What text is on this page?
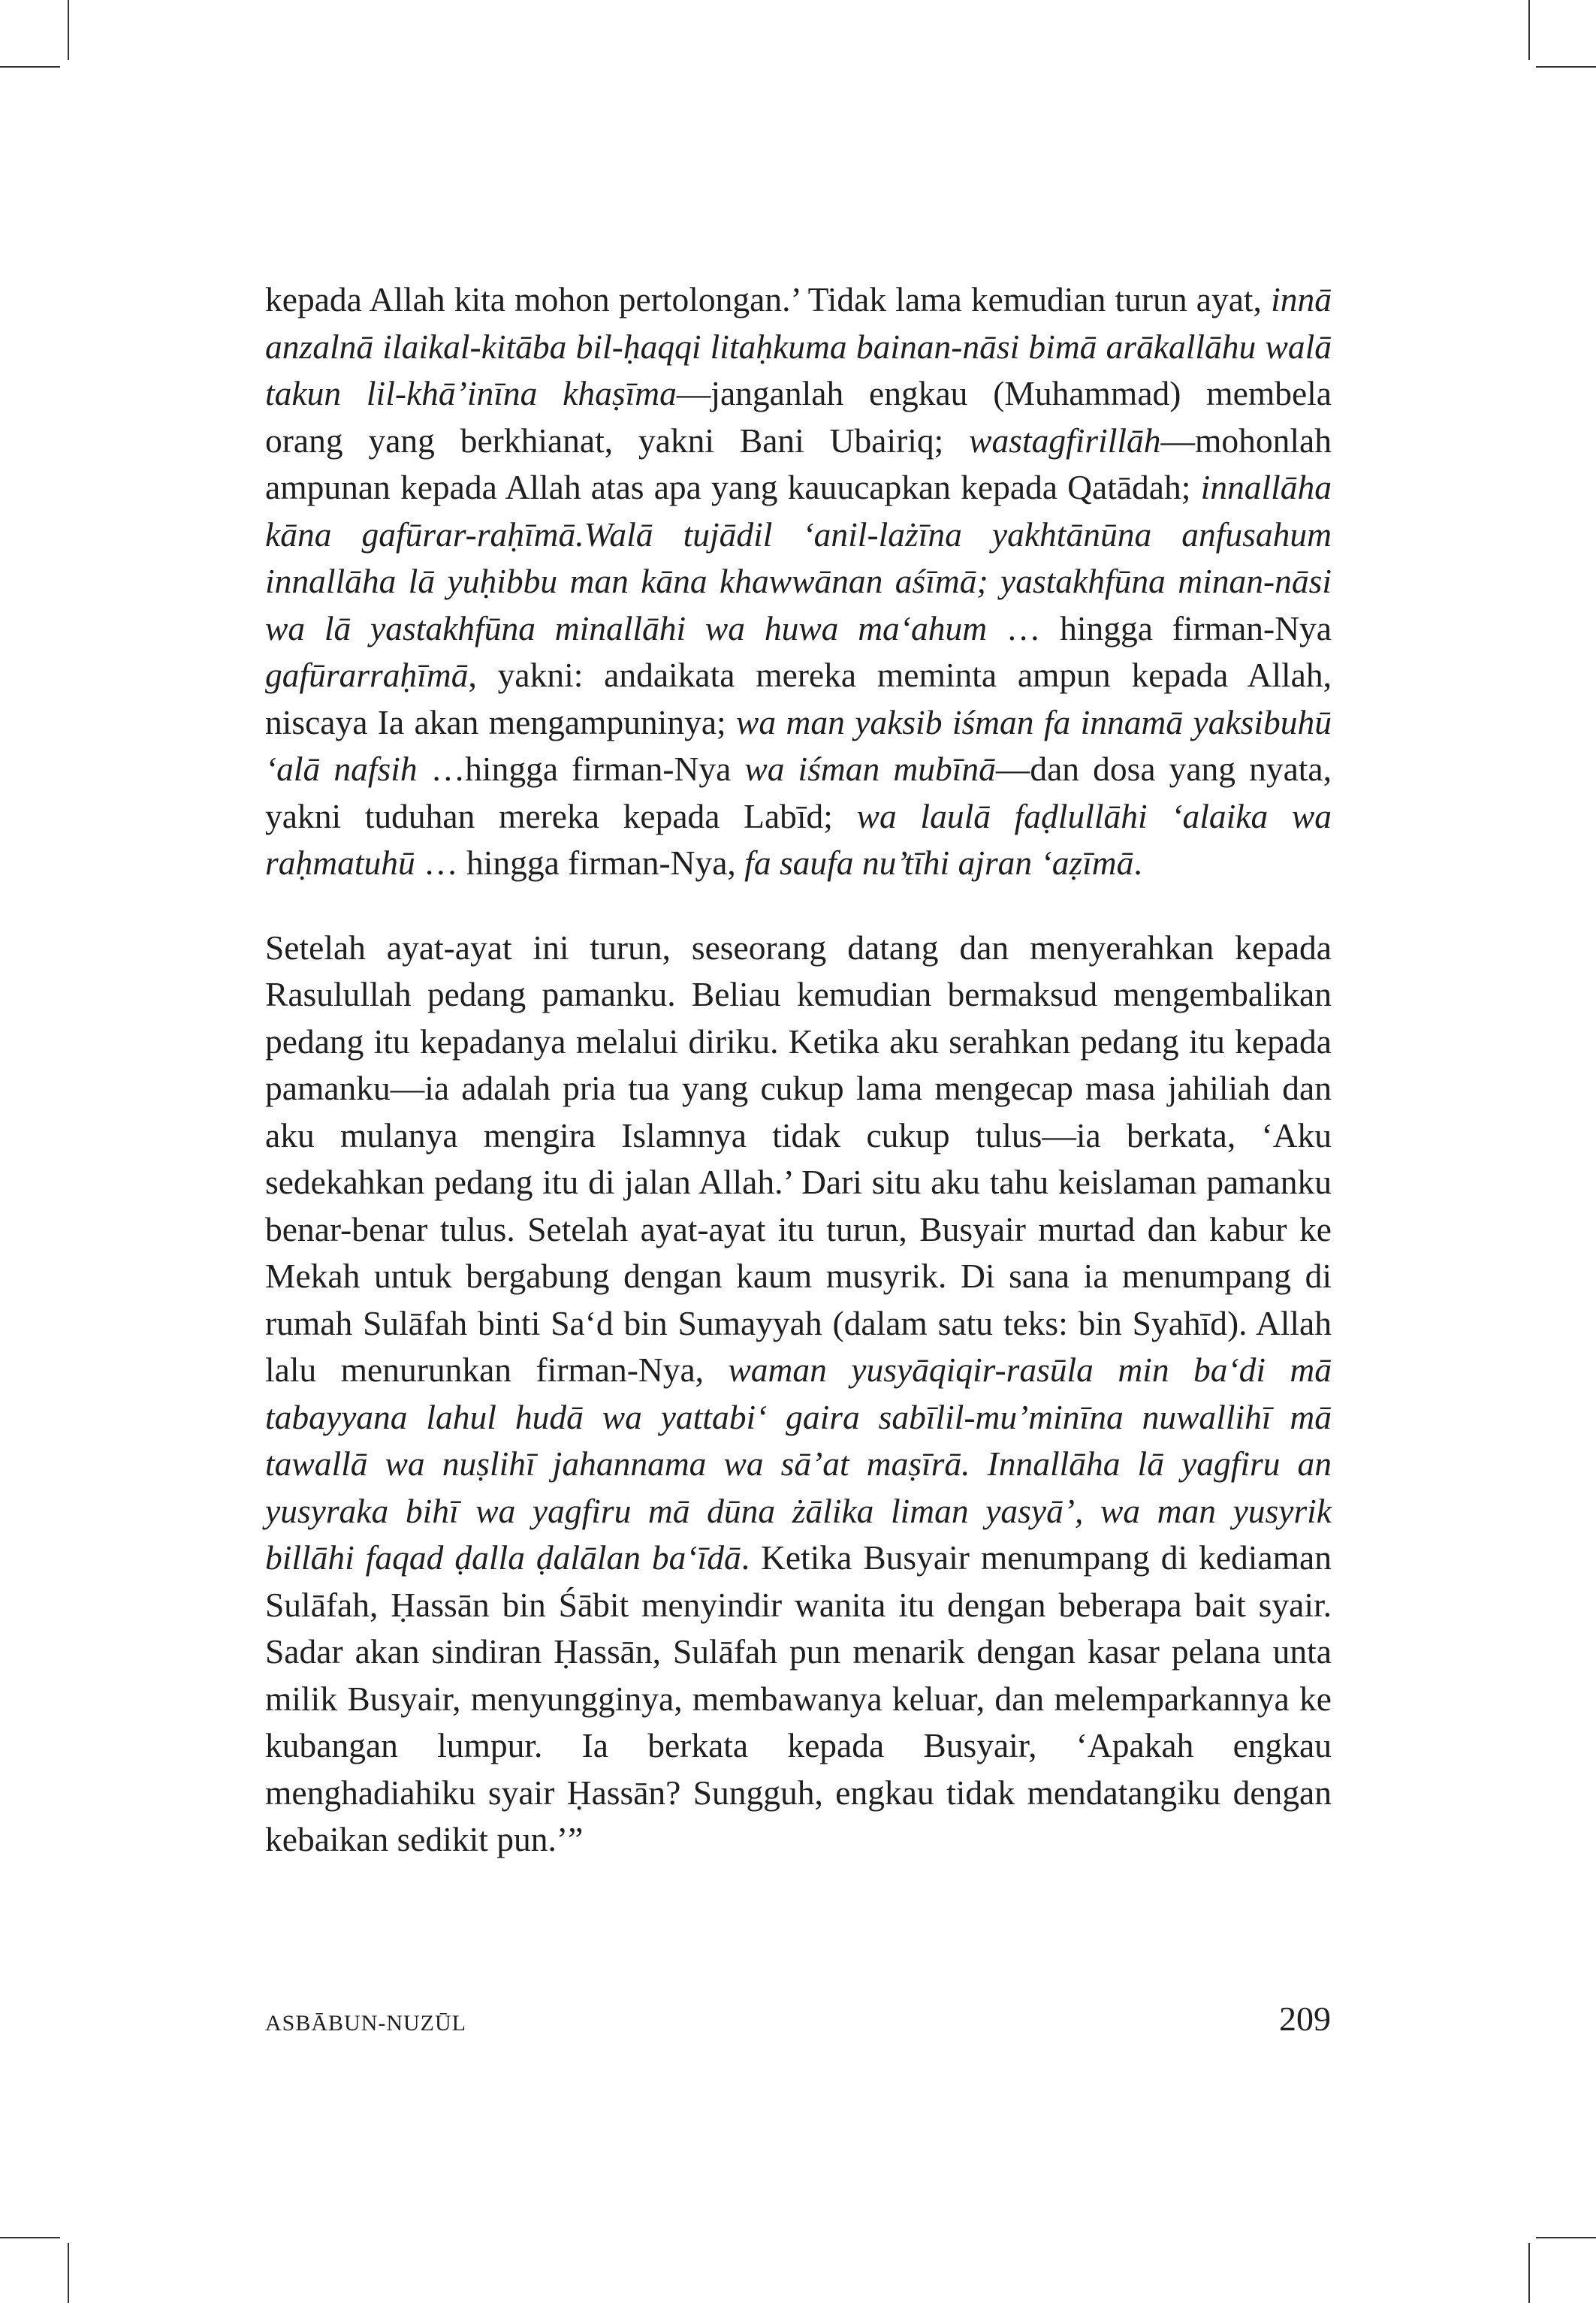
kepada Allah kita mohon pertolongan.’ Tidak lama kemudian turun ayat, innā anzalnā ilaikal-kitāba bil-ḥaqqi litaḥkuma bainan-nāsi bimā arākallāhu walā takun lil-khā’inīna khaṣīma—janganlah engkau (Muhammad) membela orang yang berkhianat, yakni Bani Ubairiq; wastagfirillāh—mohonlah ampunan kepada Allah atas apa yang kauucapkan kepada Qatādah; innallāha kāna gafūrar-raḥīmā.Walā tujādil ‘anil-lażīna yakhtānūna anfusahum innallāha lā yuḥibbu man kāna khawwānan aśīmā; yastakhfūna minan-nāsi wa lā yastakhfūna minallāhi wa huwa ma‘ahum … hingga firman-Nya gafūrarraḥīmā, yakni: andaikata mereka meminta ampun kepada Allah, niscaya Ia akan mengampuninya; wa man yaksib iśman fa innamā yaksibuhū ‘alā nafsih …hingga firman-Nya wa iśman mubīnā—dan dosa yang nyata, yakni tuduhan mereka kepada Labīd; wa laulā faḍlullāhi ‘alaika wa raḥmatuhū … hingga firman-Nya, fa saufa nu’tīhi ajran ‘aẓīmā.

Setelah ayat-ayat ini turun, seseorang datang dan menyerahkan kepada Rasulullah pedang pamanku. Beliau kemudian bermaksud mengembalikan pedang itu kepadanya melalui diriku. Ketika aku serahkan pedang itu kepada pamanku—ia adalah pria tua yang cukup lama mengecap masa jahiliah dan aku mulanya mengira Islamnya tidak cukup tulus—ia berkata, ‘Aku sedekahkan pedang itu di jalan Allah.’ Dari situ aku tahu keislaman pamanku benar-benar tulus. Setelah ayat-ayat itu turun, Busyair murtad dan kabur ke Mekah untuk bergabung dengan kaum musyrik. Di sana ia menumpang di rumah Sulāfah binti Sa‘d bin Sumayyah (dalam satu teks: bin Syahīd). Allah lalu menurunkan firman-Nya, waman yusyāqiqir-rasūla min ba‘di mā tabayyana lahul hudā wa yattabi‘ gaira sabīlil-mu’minīna nuwallihī mā tawallā wa nuṣlihī jahannama wa sā’at maṣīrā. Innallāha lā yagfiru an yusyraka bihī wa yagfiru mā dūna żālika liman yasyā’, wa man yusyrik billāhi faqad ḍalla ḍalālan ba‘īdā. Ketika Busyair menumpang di kediaman Sulāfah, Ḥassān bin Śābit menyindir wanita itu dengan beberapa bait syair. Sadar akan sindiran Ḥassān, Sulāfah pun menarik dengan kasar pelana unta milik Busyair, menyungginya, membawanya keluar, dan melemparkannya ke kubangan lumpur. Ia berkata kepada Busyair, ‘Apakah engkau menghadiahiku syair Ḥassān? Sungguh, engkau tidak mendatangiku dengan kebaikan sedikit pun.’”

ASBĀBUN-NUZŪL	209
